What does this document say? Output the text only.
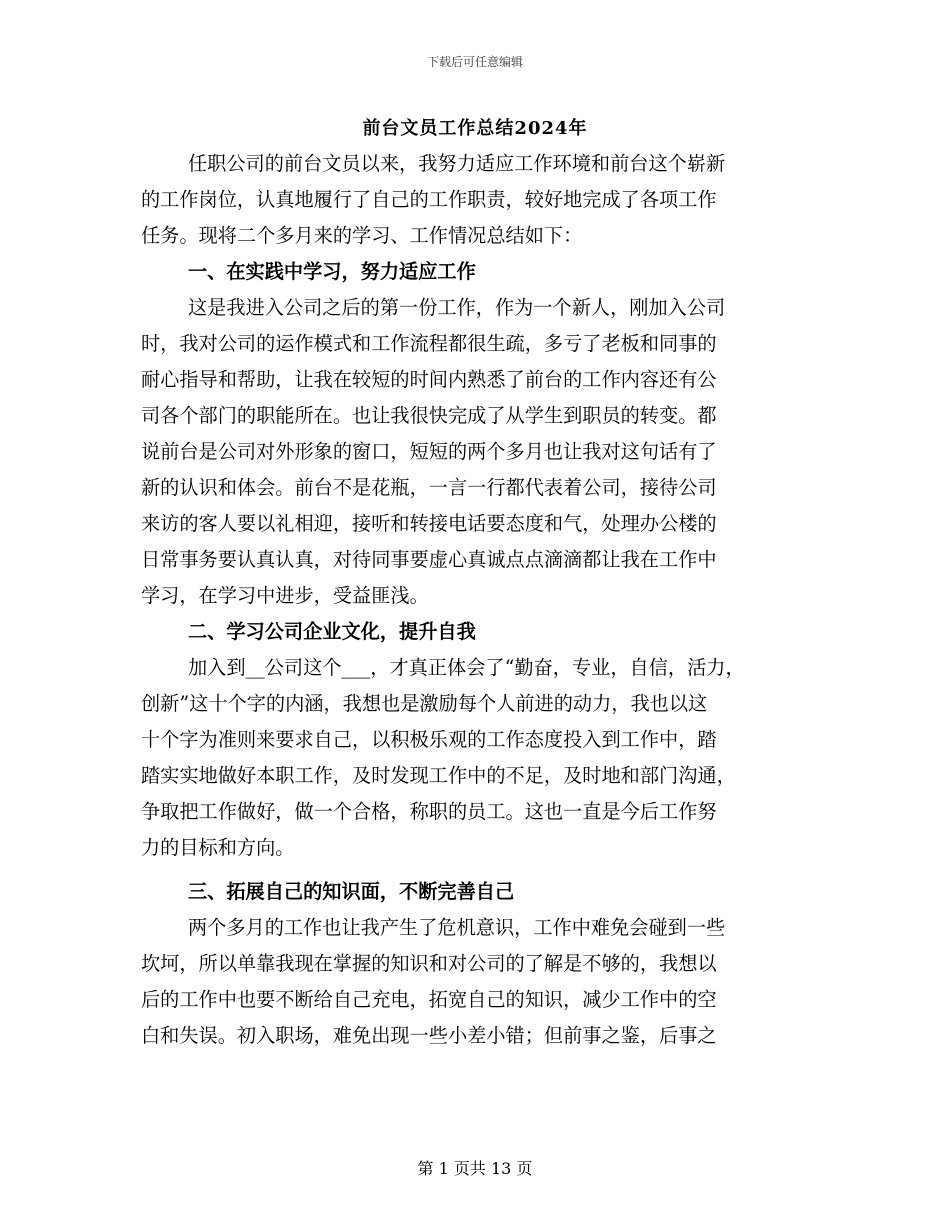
下载后可任意编辑
前台文员工作总结2024年
任职公司的前台文员以来，我努力适应工作环境和前台这个崭新
的工作岗位，认真地履行了自己的工作职责，较好地完成了各项工作
任务。现将二个多月来的学习、工作情况总结如下：
一、在实践中学习，努力适应工作
这是我进入公司之后的第一份工作，作为一个新人，刚加入公司
时，我对公司的运作模式和工作流程都很生疏，多亏了老板和同事的
耐心指导和帮助，让我在较短的时间内熟悉了前台的工作内容还有公
司各个部门的职能所在。也让我很快完成了从学生到职员的转变。都
说前台是公司对外形象的窗口，短短的两个多月也让我对这句话有了
新的认识和体会。前台不是花瓶，一言一行都代表着公司，接待公司
来访的客人要以礼相迎，接听和转接电话要态度和气，处理办公楼的
日常事务要认真认真，对待同事要虚心真诚点点滴滴都让我在工作中
学习，在学习中进步，受益匪浅。
二、学习公司企业文化，提升自我
加入到__公司这个___，才真正体会了“勤奋，专业，自信，活力，
创新”这十个字的内涵，我想也是激励每个人前进的动力，我也以这
十个字为准则来要求自己，以积极乐观的工作态度投入到工作中，踏
踏实实地做好本职工作，及时发现工作中的不足，及时地和部门沟通，
争取把工作做好，做一个合格，称职的员工。这也一直是今后工作努
力的目标和方向。
三、拓展自己的知识面，不断完善自己
两个多月的工作也让我产生了危机意识，工作中难免会碰到一些
坎坷，所以单靠我现在掌握的知识和对公司的了解是不够的，我想以
后的工作中也要不断给自己充电，拓宽自己的知识，减少工作中的空
白和失误。初入职场，难免出现一些小差小错；但前事之鉴，后事之
第 1 页共 13 页
